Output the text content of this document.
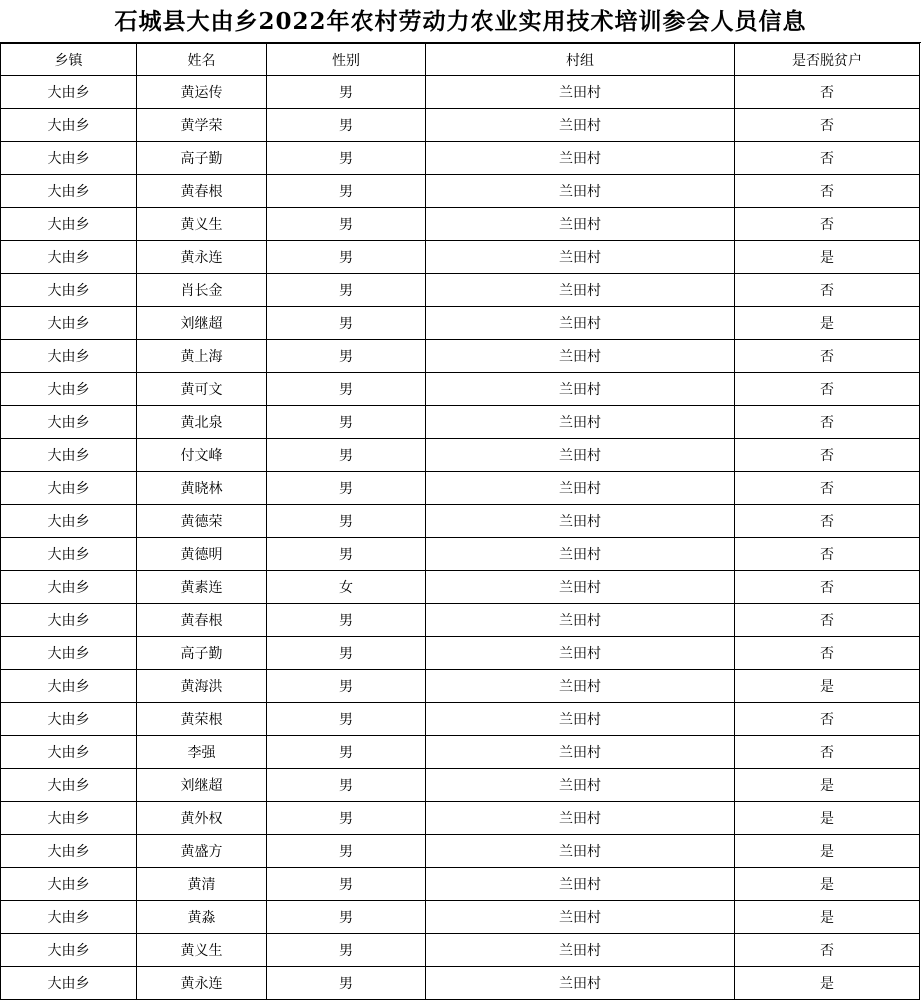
石城县大由乡2022年农村劳动力农业实用技术培训参会人员信息
乡镇	姓名	性别	村组	是否脱贫户
大由乡	黄运传	男	兰田村	否
大由乡	黄学荣	男	兰田村	否
大由乡	高子勤	男	兰田村	否
大由乡	黄春根	男	兰田村	否
大由乡	黄义生	男	兰田村	否
大由乡	黄永连	男	兰田村	是
大由乡	肖长金	男	兰田村	否
大由乡	刘继超	男	兰田村	是
大由乡	黄上海	男	兰田村	否
大由乡	黄可文	男	兰田村	否
大由乡	黄北泉	男	兰田村	否
大由乡	付文峰	男	兰田村	否
大由乡	黄晓林	男	兰田村	否
大由乡	黄德荣	男	兰田村	否
大由乡	黄德明	男	兰田村	否
大由乡	黄素连	女	兰田村	否
大由乡	黄春根	男	兰田村	否
大由乡	高子勤	男	兰田村	否
大由乡	黄海洪	男	兰田村	是
大由乡	黄荣根	男	兰田村	否
大由乡	李强	男	兰田村	否
大由乡	刘继超	男	兰田村	是
大由乡	黄外权	男	兰田村	是
大由乡	黄盛方	男	兰田村	是
大由乡	黄清	男	兰田村	是
大由乡	黄淼	男	兰田村	是
大由乡	黄义生	男	兰田村	否
大由乡	黄永连	男	兰田村	是
